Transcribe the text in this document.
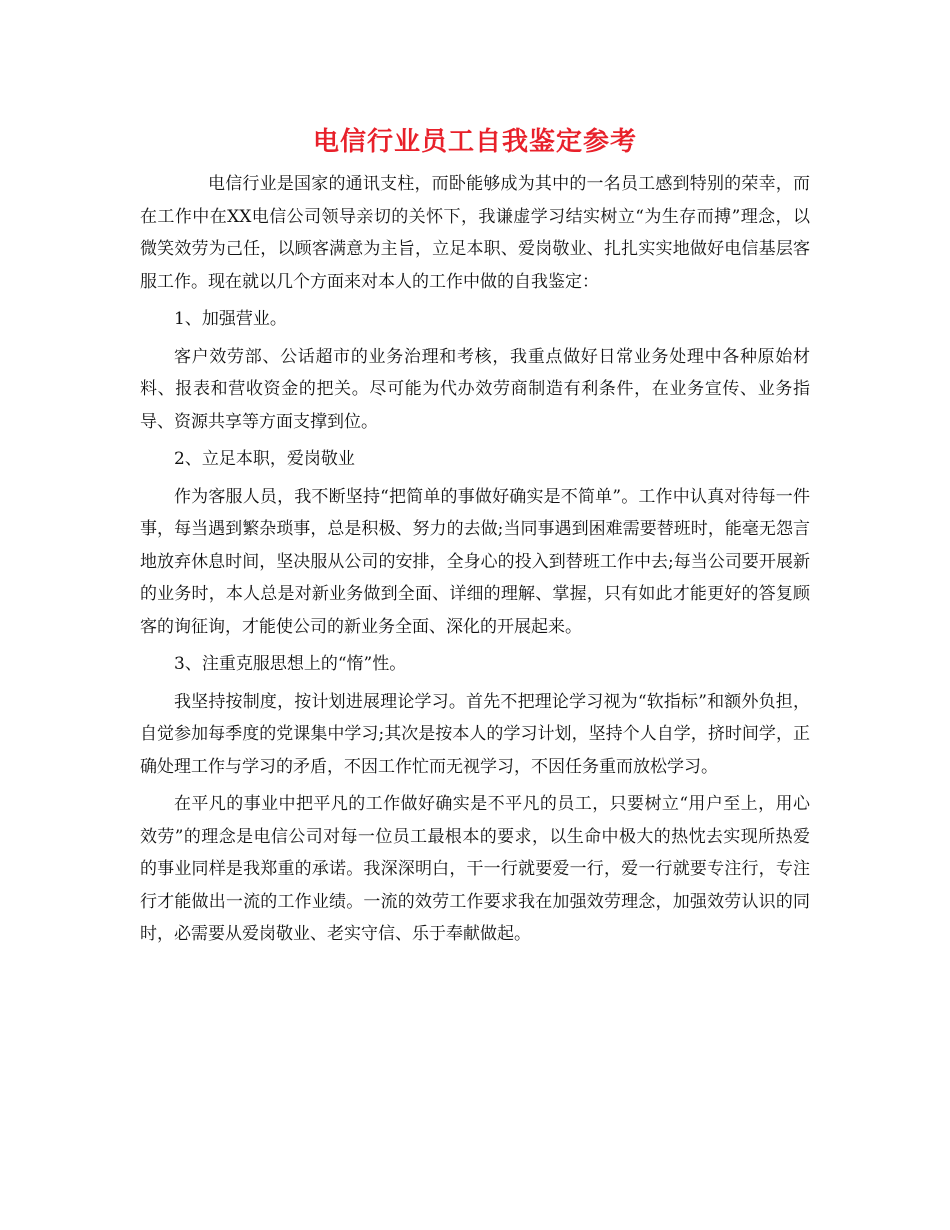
电信行业员工自我鉴定参考

电信行业是国家的通讯支柱，而卧能够成为其中的一名员工感到特别的荣幸，而在工作中在XX电信公司领导亲切的关怀下，我谦虚学习结实树立“为生存而搏”理念，以微笑效劳为己任，以顾客满意为主旨，立足本职、爱岗敬业、扎扎实实地做好电信基层客服工作。现在就以几个方面来对本人的工作中做的自我鉴定：

1、加强营业。

客户效劳部、公话超市的业务治理和考核，我重点做好日常业务处理中各种原始材料、报表和营收资金的把关。尽可能为代办效劳商制造有利条件，在业务宣传、业务指导、资源共享等方面支撑到位。

2、立足本职，爱岗敬业

作为客服人员，我不断坚持“把简单的事做好确实是不简单”。工作中认真对待每一件事，每当遇到繁杂琐事，总是积极、努力的去做;当同事遇到困难需要替班时，能毫无怨言地放弃休息时间，坚决服从公司的安排，全身心的投入到替班工作中去;每当公司要开展新的业务时，本人总是对新业务做到全面、详细的理解、掌握，只有如此才能更好的答复顾客的询征询，才能使公司的新业务全面、深化的开展起来。

3、注重克服思想上的“惰”性。

我坚持按制度，按计划进展理论学习。首先不把理论学习视为“软指标”和额外负担，自觉参加每季度的党课集中学习;其次是按本人的学习计划，坚持个人自学，挤时间学，正确处理工作与学习的矛盾，不因工作忙而无视学习，不因任务重而放松学习。

在平凡的事业中把平凡的工作做好确实是不平凡的员工，只要树立“用户至上，用心效劳”的理念是电信公司对每一位员工最根本的要求，以生命中极大的热忱去实现所热爱的事业同样是我郑重的承诺。我深深明白，干一行就要爱一行，爱一行就要专注行，专注行才能做出一流的工作业绩。一流的效劳工作要求我在加强效劳理念，加强效劳认识的同时，必需要从爱岗敬业、老实守信、乐于奉献做起。
